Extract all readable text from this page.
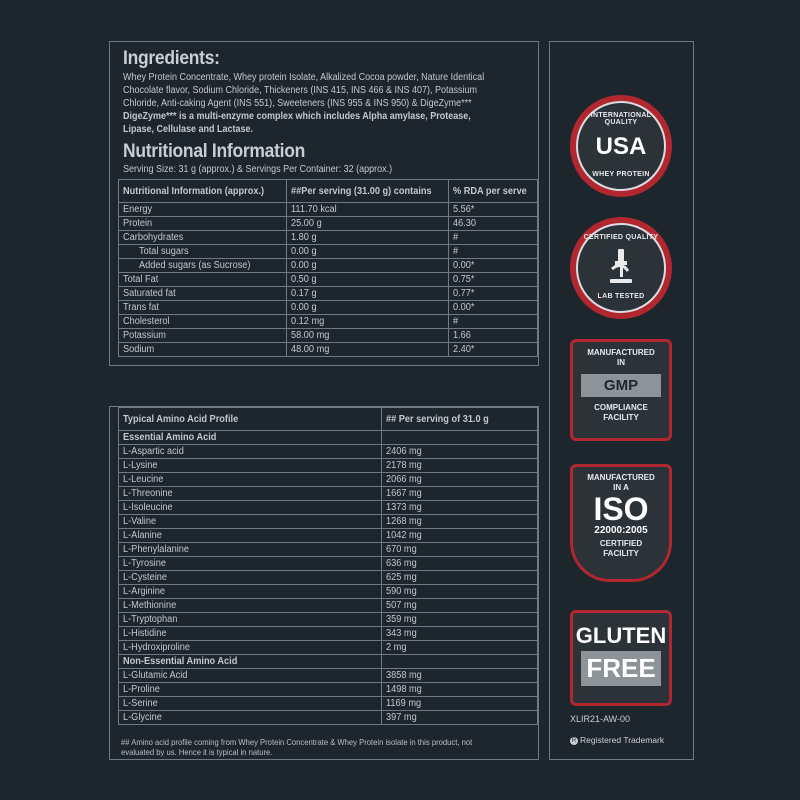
Ingredients:
Whey Protein Concentrate, Whey protein Isolate, Alkalized Cocoa powder, Nature Identical Chocolate flavor, Sodium Chloride, Thickeners (INS 415, INS 466 & INS 407), Potassium Chloride, Anti-caking Agent (INS 551), Sweeteners (INS 955 & INS 950) & DigeZyme*** DigeZyme*** is a multi-enzyme complex which includes Alpha amylase, Protease, Lipase, Cellulase and Lactase.
Nutritional Information
Serving Size: 31 g (approx.) & Servings Per Container: 32 (approx.)
Nutritional Information (approx.)	##Per serving (31.00 g) contains	% RDA per serve
Energy	111.70 kcal	5.56*
Protein	25.00 g	46.30
Carbohydrates	1.80 g	#
Total sugars	0.00 g	#
Added sugars (as Sucrose)	0.00 g	0.00*
Total Fat	0.50 g	0.75*
Saturated fat	0.17 g	0.77*
Trans fat	0.00 g	0.00*
Cholesterol	0.12 mg	#
Potassium	58.00 mg	1.66
Sodium	48.00 mg	2.40*
Typical Amino Acid Profile	## Per serving of 31.0 g
Essential Amino Acid	
L-Aspartic acid	2406 mg
L-Lysine	2178 mg
L-Leucine	2066 mg
L-Threonine	1667 mg
L-Isoleucine	1373 mg
L-Valine	1268 mg
L-Alanine	1042 mg
L-Phenylalanine	670 mg
L-Tyrosine	636 mg
L-Cysteine	625 mg
L-Arginine	590 mg
L-Methionine	507 mg
L-Tryptophan	359 mg
L-Histidine	343 mg
L-Hydroxiproline	2 mg
Non-Essential Amino Acid	
L-Glutamic Acid	3858 mg
L-Proline	1498 mg
L-Serine	1169 mg
L-Glycine	397 mg
## Amino acid profile coming from Whey Protein Concentrate & Whey Protein isolate in this product, not evaluated by us. Hence it is typical in nature.
INTERNATIONAL QUALITY
USA
WHEY PROTEIN
CERTIFIED QUALITY
LAB TESTED
MANUFACTURED
IN
GMP
COMPLIANCE
FACILITY
MANUFACTURED
IN A
ISO
22000:2005
CERTIFIED
FACILITY
GLUTEN
FREE
XLIR21-AW-00
R Registered Trademark
